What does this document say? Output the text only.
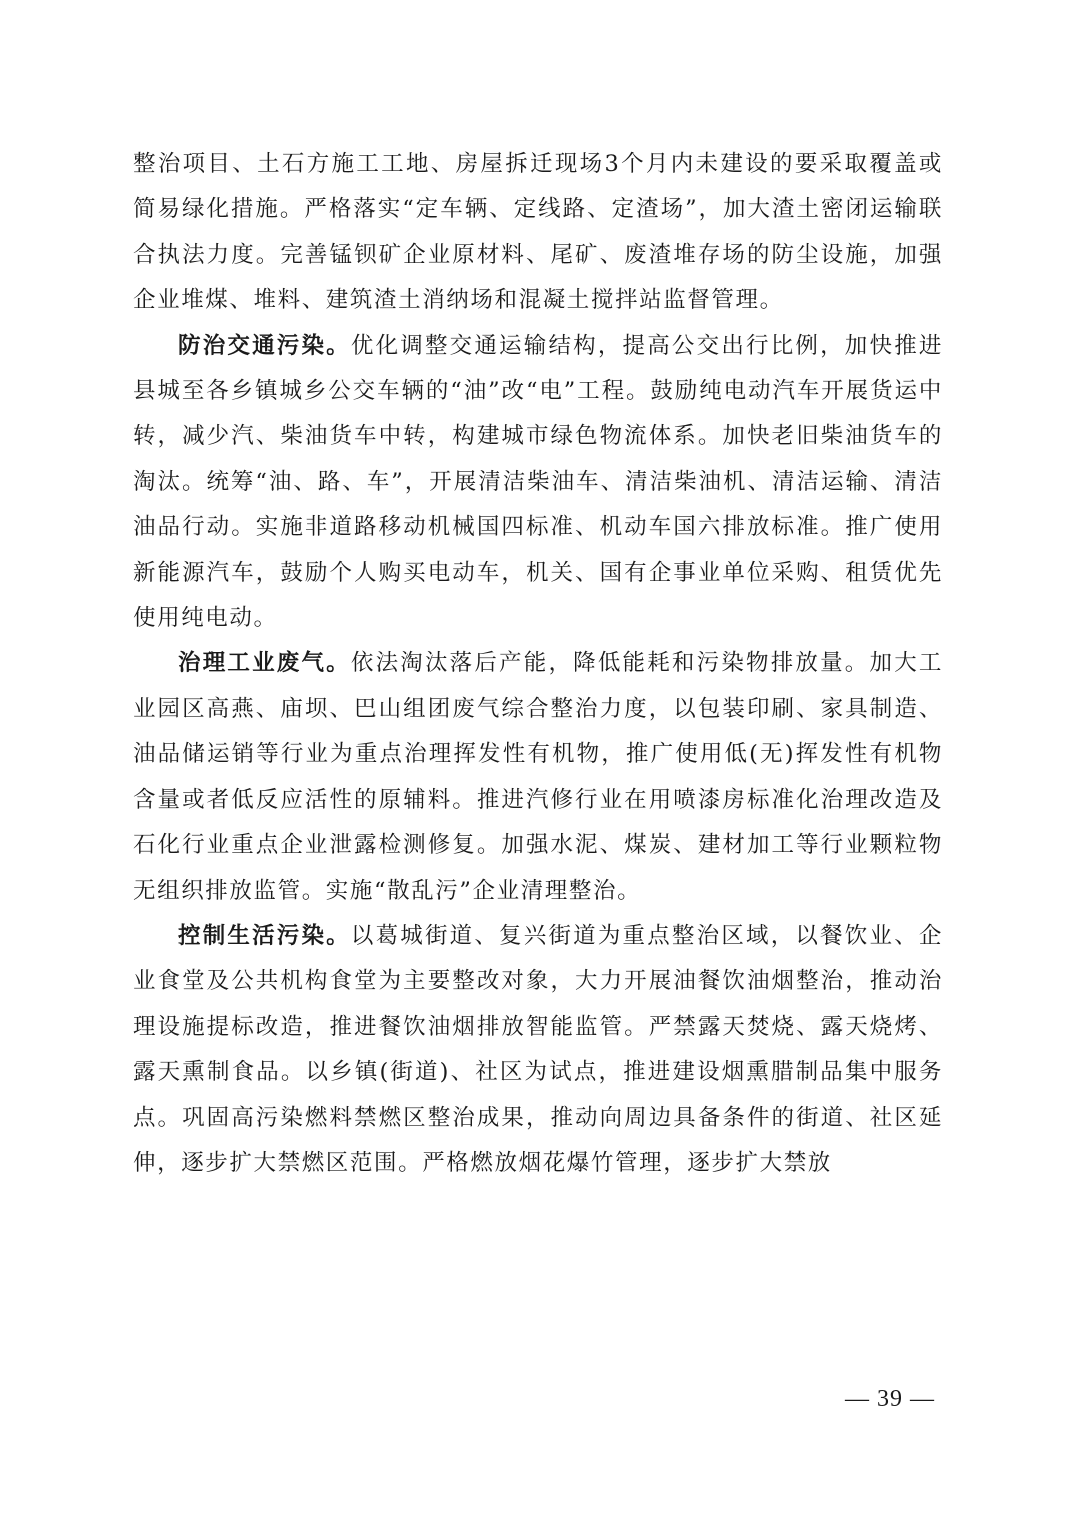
整治项目、土石方施工工地、房屋拆迁现场3个月内未建设的要采取覆盖或简易绿化措施。严格落实“定车辆、定线路、定渣场”，加大渣土密闭运输联合执法力度。完善锰钡矿企业原材料、尾矿、废渣堆存场的防尘设施，加强企业堆煤、堆料、建筑渣土消纳场和混凝土搅拌站监督管理。

防治交通污染。优化调整交通运输结构，提高公交出行比例，加快推进县城至各乡镇城乡公交车辆的“油”改“电”工程。鼓励纯电动汽车开展货运中转，减少汽、柴油货车中转，构建城市绿色物流体系。加快老旧柴油货车的淘汰。统筹“油、路、车”，开展清洁柴油车、清洁柴油机、清洁运输、清洁油品行动。实施非道路移动机械国四标准、机动车国六排放标准。推广使用新能源汽车，鼓励个人购买电动车，机关、国有企事业单位采购、租赁优先使用纯电动。

治理工业废气。依法淘汰落后产能，降低能耗和污染物排放量。加大工业园区高燕、庙坝、巴山组团废气综合整治力度，以包装印刷、家具制造、油品储运销等行业为重点治理挥发性有机物，推广使用低(无)挥发性有机物含量或者低反应活性的原辅料。推进汽修行业在用喷漆房标准化治理改造及石化行业重点企业泄露检测修复。加强水泥、煤炭、建材加工等行业颗粒物无组织排放监管。实施“散乱污”企业清理整治。

控制生活污染。以葛城街道、复兴街道为重点整治区域，以餐饮业、企业食堂及公共机构食堂为主要整改对象，大力开展油餐饮油烟整治，推动治理设施提标改造，推进餐饮油烟排放智能监管。严禁露天焚烧、露天烧烤、露天熏制食品。以乡镇(街道)、社区为试点，推进建设烟熏腊制品集中服务点。巩固高污染燃料禁燃区整治成果，推动向周边具备条件的街道、社区延伸，逐步扩大禁燃区范围。严格燃放烟花爆竹管理，逐步扩大禁放

— 39 —
